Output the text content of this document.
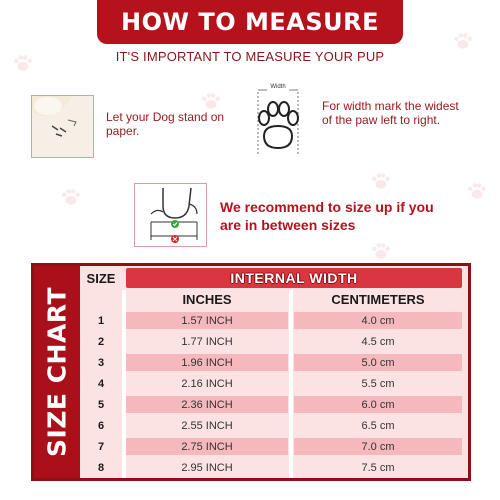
HOW TO MEASURE
IT'S IMPORTANT TO MEASURE YOUR PUP
Let your Dog stand on paper.
Width
For width mark the widest of the paw left to right.
We recommend to size up if you are in between sizes
SIZE CHART
SIZE	INTERNAL WIDTH
INCHES	CENTIMETERS
1	1.57 INCH	4.0 cm
2	1.77 INCH	4.5 cm
3	1.96 INCH	5.0 cm
4	2.16 INCH	5.5 cm
5	2.36 INCH	6.0 cm
6	2.55 INCH	6.5 cm
7	2.75 INCH	7.0 cm
8	2.95 INCH	7.5 cm
